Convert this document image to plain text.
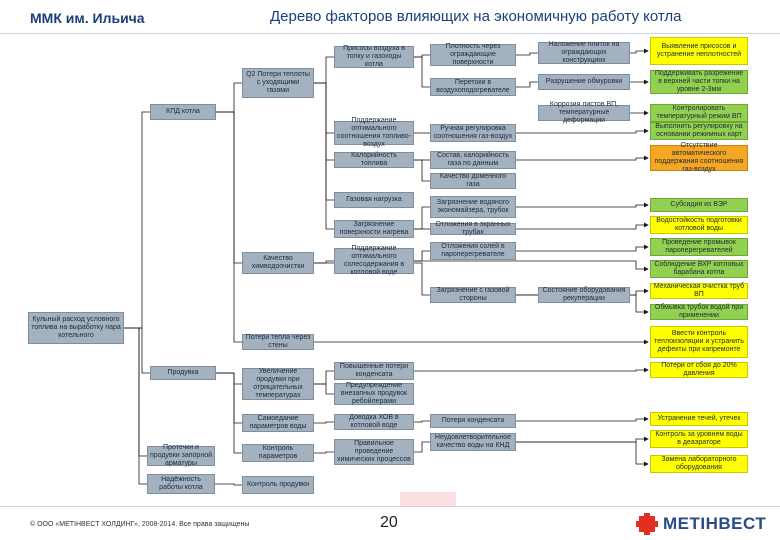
ММК им. Ильича	Дерево факторов влияющих на экономичную работу котла
Кульный расход условного топлива на выработку пара котельного
КПД котла
Q2 Потери теплоты с уходящими газами
Присосы воздуха в топку и газоходы котла
Поддержание оптимального соотношения топливо-воздух
Калорийность топлива
Газовая нагрузка
Загрязнение поверхности нагрева
Качество химводоочистки
Потери тепла через стены
Продувка
Протечки и продувки запорной арматуры
Надёжность работы котла
Плотность через ограждающие поверхности
Перетоки в воздухоподогревателе
Ручная регулировка соотношения газ-воздух
Состав, калорийность газа по данным
Качество доменного газа
Загрязнение водяного экономайзера, трубок
Отложения в экранных трубах
Поддержание оптимального солесодержания в котловой воде
Отложения солей в пароперегревателе
Загрязнение с газовой стороны
Увеличение продувки при отрицательных температурах
Повышенные потери конденсата
Предупреждение внезапных продувок ребойлерами
Самоедание параметров воды
Контроль параметров
Контроль продувки
Доводка ХОВ в котловой воде
Правильное проведение химических процессов
Потери конденсата
Неудовлетворительное качество воды на КНД
Наложение плиток на ограждающих конструкциях
Разрушение обмуровки
Коррозия листов ВП, температурные деформации
Состояние оборудования рекуперации
Выявление присосов и устранение неплотностей
Поддерживать разрежение в верхней части топки на уровне 2-3мм
Контролировать температурный режим ВП
Выполнить регулировку на основании режимных карт
Отсутствие автоматического поддержания соотношения газ-воздух
Субсидия из ВЭР
Водостойкость подготовки котловой воды
Проведение промывок пароперегревателей
Соблюдение ВХР котловых барабана котла
Механическая очистка труб ВП
Обмывка трубок водой при применении
Ввести контроль теплоизоляции и устранить дефекты при капремонте
Потери от сбоя до 20% давления
Устранение течей, утечек
Контроль за уровнем воды в деаэраторе
Замена лабораторного оборудования
© ООО «МЕТІНВЕСТ ХОЛДИНГ», 2008-2014. Все права защищены	20	МЕТІНВЕСТ
